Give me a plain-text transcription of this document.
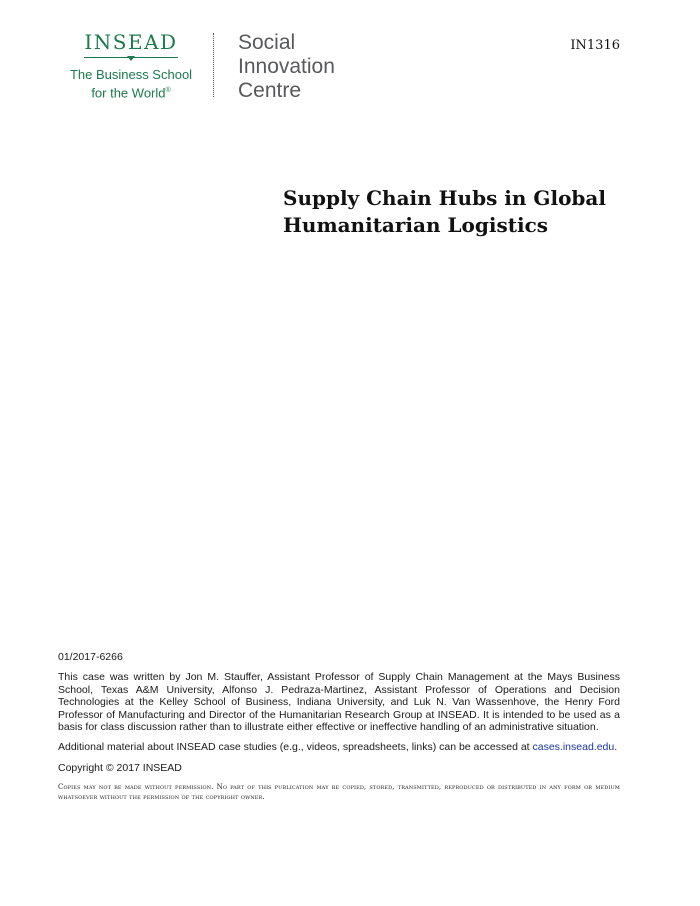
INSEAD
The Business School
for the World®
Social
Innovation
Centre
IN1316
Supply Chain Hubs in Global
Humanitarian Logistics

01/2017-6266

This case was written by Jon M. Stauffer, Assistant Professor of Supply Chain Management at the Mays Business School, Texas A&M University, Alfonso J. Pedraza-Martinez, Assistant Professor of Operations and Decision Technologies at the Kelley School of Business, Indiana University, and Luk N. Van Wassenhove, the Henry Ford Professor of Manufacturing and Director of the Humanitarian Research Group at INSEAD. It is intended to be used as a basis for class discussion rather than to illustrate either effective or ineffective handling of an administrative situation.

Additional material about INSEAD case studies (e.g., videos, spreadsheets, links) can be accessed at cases.insead.edu.

Copyright © 2017 INSEAD

Copies may not be made without permission. No part of this publication may be copied, stored, transmitted, reproduced or distributed in any form or medium whatsoever without the permission of the copyright owner.
